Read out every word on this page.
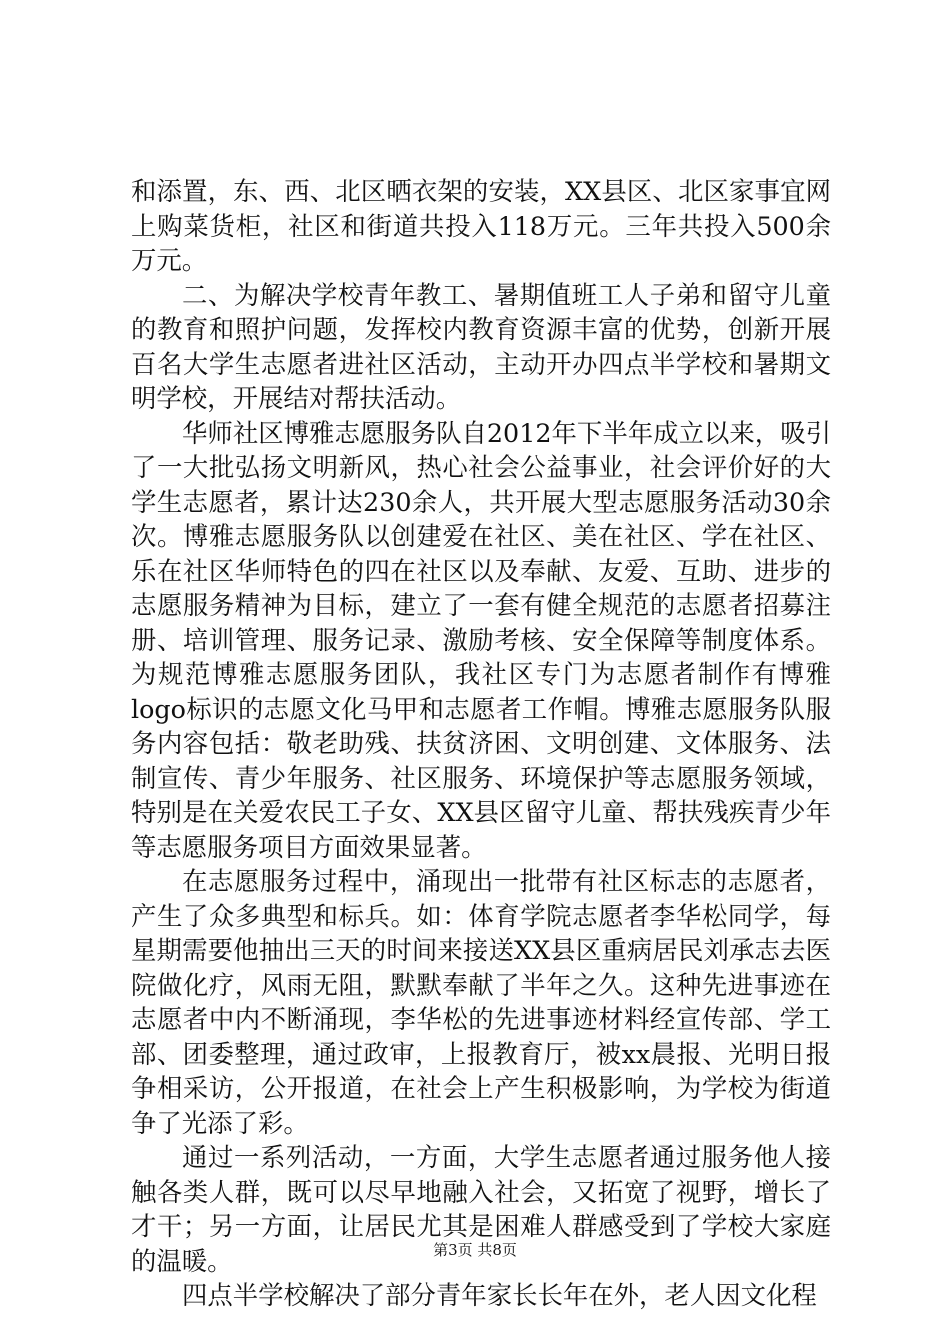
和添置，东、西、北区晒衣架的安装，XX县区、北区家事宜网上购菜货柜，社区和街道共投入118万元。三年共投入500余万元。

二、为解决学校青年教工、暑期值班工人子弟和留守儿童的教育和照护问题，发挥校内教育资源丰富的优势，创新开展百名大学生志愿者进社区活动，主动开办四点半学校和暑期文明学校，开展结对帮扶活动。

华师社区博雅志愿服务队自2012年下半年成立以来，吸引了一大批弘扬文明新风，热心社会公益事业，社会评价好的大学生志愿者，累计达230余人，共开展大型志愿服务活动30余次。博雅志愿服务队以创建爱在社区、美在社区、学在社区、乐在社区华师特色的四在社区以及奉献、友爱、互助、进步的志愿服务精神为目标，建立了一套有健全规范的志愿者招募注册、培训管理、服务记录、激励考核、安全保障等制度体系。为规范博雅志愿服务团队，我社区专门为志愿者制作有博雅logo标识的志愿文化马甲和志愿者工作帽。博雅志愿服务队服务内容包括：敬老助残、扶贫济困、文明创建、文体服务、法制宣传、青少年服务、社区服务、环境保护等志愿服务领域，特别是在关爱农民工子女、XX县区留守儿童、帮扶残疾青少年等志愿服务项目方面效果显著。

在志愿服务过程中，涌现出一批带有社区标志的志愿者，产生了众多典型和标兵。如：体育学院志愿者李华松同学，每星期需要他抽出三天的时间来接送XX县区重病居民刘承志去医院做化疗，风雨无阻，默默奉献了半年之久。这种先进事迹在志愿者中内不断涌现，李华松的先进事迹材料经宣传部、学工部、团委整理，通过政审，上报教育厅，被xx晨报、光明日报争相采访，公开报道，在社会上产生积极影响，为学校为街道争了光添了彩。

通过一系列活动，一方面，大学生志愿者通过服务他人接触各类人群，既可以尽早地融入社会，又拓宽了视野，增长了才干；另一方面，让居民尤其是困难人群感受到了学校大家庭的温暖。

四点半学校解决了部分青年家长长年在外，老人因文化程

第3页 共8页
